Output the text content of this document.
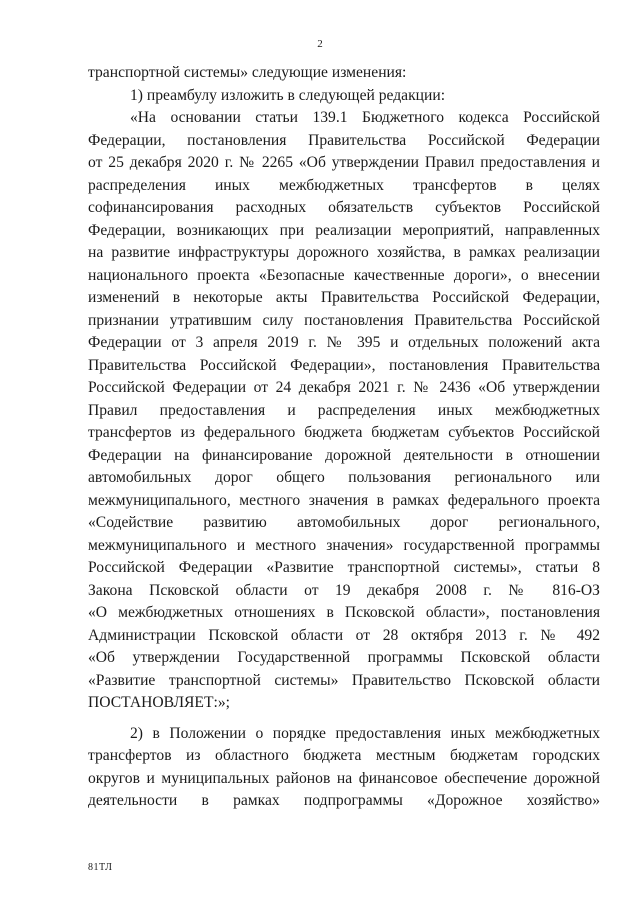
2
транспортной системы» следующие изменения:
1) преамбулу изложить в следующей редакции:
«На основании статьи 139.1 Бюджетного кодекса Российской
Федерации, постановления Правительства Российской Федерации
от 25 декабря 2020 г. № 2265 «Об утверждении Правил предоставления и
распределения иных межбюджетных трансфертов в целях
софинансирования расходных обязательств субъектов Российской
Федерации, возникающих при реализации мероприятий, направленных
на развитие инфраструктуры дорожного хозяйства, в рамках реализации
национального проекта «Безопасные качественные дороги», о внесении
изменений в некоторые акты Правительства Российской Федерации,
признании утратившим силу постановления Правительства Российской
Федерации от 3 апреля 2019 г. № 395 и отдельных положений акта
Правительства Российской Федерации», постановления Правительства
Российской Федерации от 24 декабря 2021 г. № 2436 «Об утверждении
Правил предоставления и распределения иных межбюджетных
трансфертов из федерального бюджета бюджетам субъектов Российской
Федерации на финансирование дорожной деятельности в отношении
автомобильных дорог общего пользования регионального или
межмуниципального, местного значения в рамках федерального проекта
«Содействие развитию автомобильных дорог регионального,
межмуниципального и местного значения» государственной программы
Российской Федерации «Развитие транспортной системы», статьи 8
Закона Псковской области от 19 декабря 2008 г. № 816-ОЗ
«О межбюджетных отношениях в Псковской области», постановления
Администрации Псковской области от 28 октября 2013 г. № 492
«Об утверждении Государственной программы Псковской области
«Развитие транспортной системы» Правительство Псковской области
ПОСТАНОВЛЯЕТ:»;
2) в Положении о порядке предоставления иных межбюджетных
трансфертов из областного бюджета местным бюджетам городских
округов и муниципальных районов на финансовое обеспечение дорожной
деятельности в рамках подпрограммы «Дорожное хозяйство»
81ТЛ
